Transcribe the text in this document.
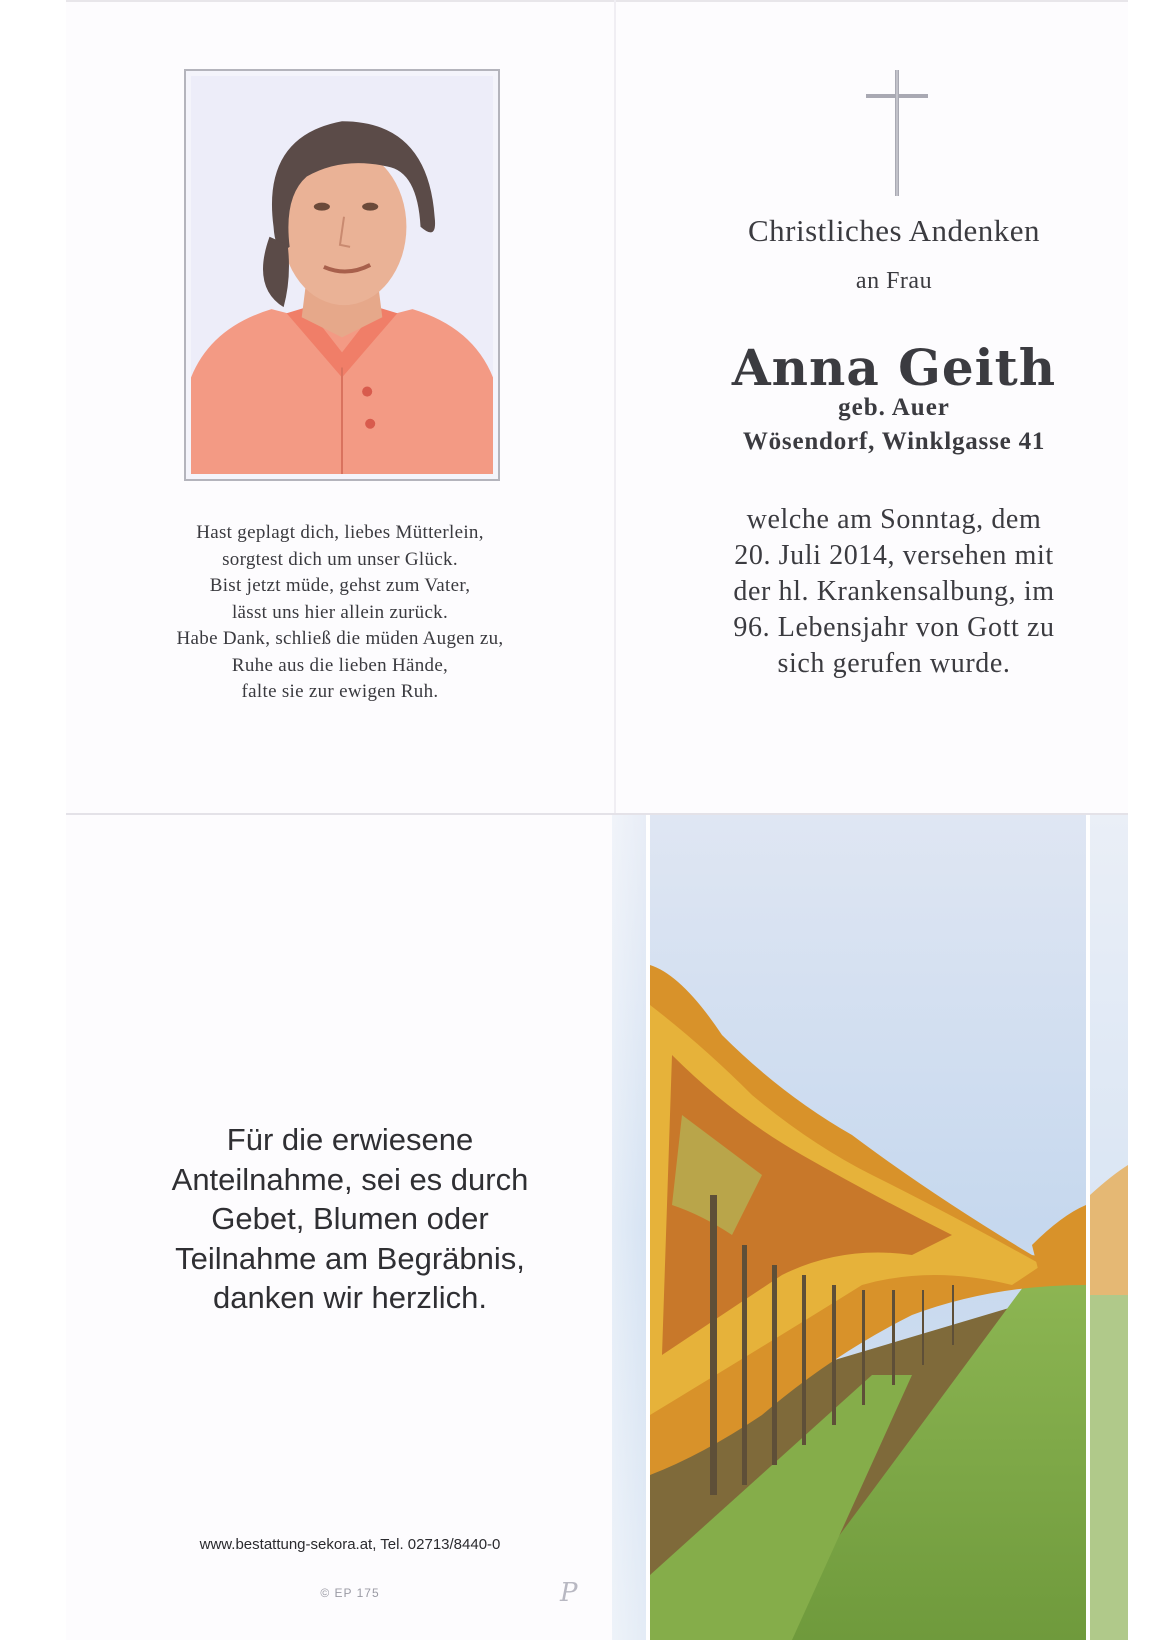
Hast geplagt dich, liebes Mütterlein,
sorgtest dich um unser Glück.
Bist jetzt müde, gehst zum Vater,
lässt uns hier allein zurück.
Habe Dank, schließ die müden Augen zu,
Ruhe aus die lieben Hände,
falte sie zur ewigen Ruh.
Christliches Andenken
an Frau
Anna Geith
geb. Auer
Wösendorf, Winklgasse 41
welche am Sonntag, dem
20. Juli 2014, versehen mit
der hl. Krankensalbung, im
96. Lebensjahr von Gott zu
sich gerufen wurde.
Für die erwiesene
Anteilnahme, sei es durch
Gebet, Blumen oder
Teilnahme am Begräbnis,
danken wir herzlich.
www.bestattung-sekora.at, Tel. 02713/8440-0
© EP 175	P
